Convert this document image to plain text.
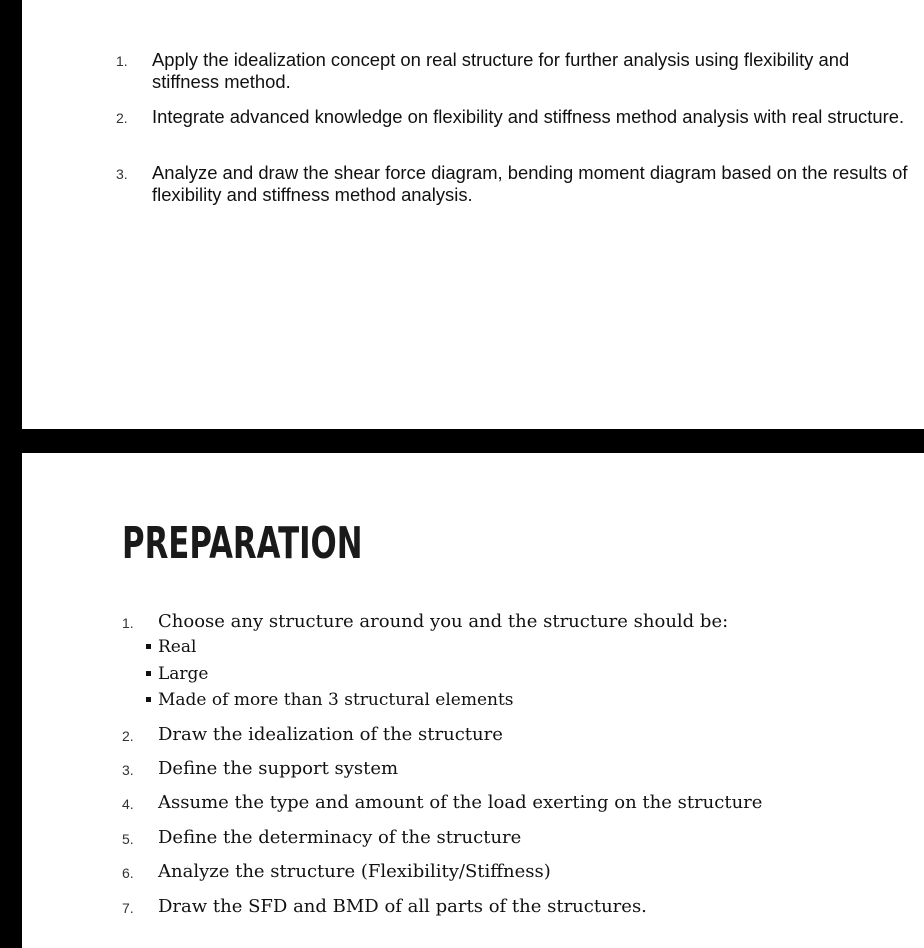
1. Apply the idealization concept on real structure for further analysis using flexibility and stiffness method.
2. Integrate advanced knowledge on flexibility and stiffness method analysis with real structure.
3. Analyze and draw the shear force diagram, bending moment diagram based on the results of flexibility and stiffness method analysis.
PREPARATION
1. Choose any structure around you and the structure should be:
Real
Large
Made of more than 3 structural elements
2. Draw the idealization of the structure
3. Define the support system
4. Assume the type and amount of the load exerting on the structure
5. Define the determinacy of the structure
6. Analyze the structure (Flexibility/Stiffness)
7. Draw the SFD and BMD of all parts of the structures.
